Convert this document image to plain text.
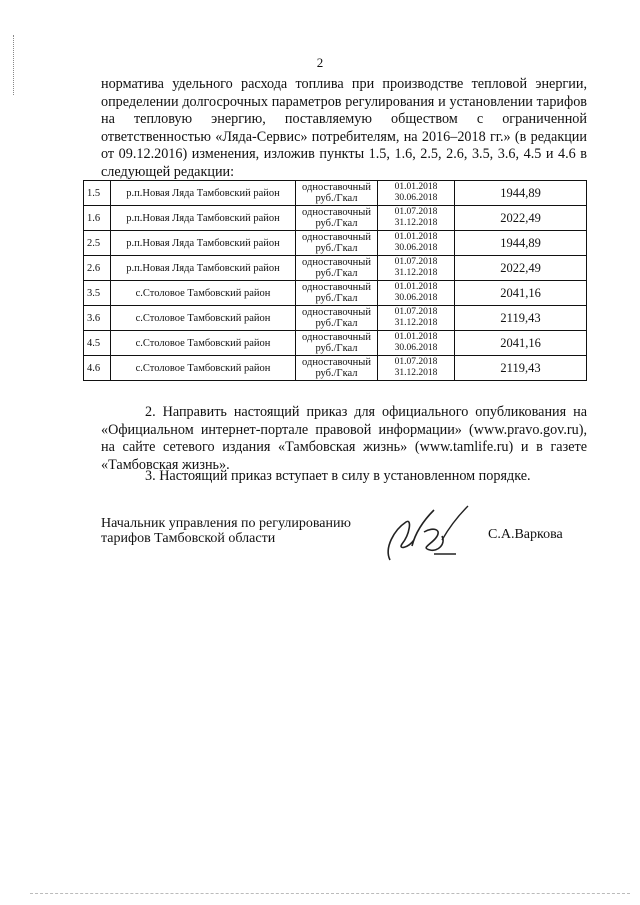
2

норматива удельного расхода топлива при производстве тепловой энергии, определении долгосрочных параметров регулирования и установлении тарифов на тепловую энергию, поставляемую обществом с ограниченной ответственностью «Ляда-Сервис» потребителям, на 2016–2018 гг.» (в редакции от 09.12.2016) изменения, изложив пункты 1.5, 1.6, 2.5, 2.6, 3.5, 3.6, 4.5 и 4.6 в следующей редакции:

1.5	р.п.Новая Ляда Тамбовский район	одноставочный руб./Гкал	01.01.2018
30.06.2018	1944,89
1.6	р.п.Новая Ляда Тамбовский район	одноставочный руб./Гкал	01.07.2018
31.12.2018	2022,49
2.5	р.п.Новая Ляда Тамбовский район	одноставочный руб./Гкал	01.01.2018
30.06.2018	1944,89
2.6	р.п.Новая Ляда Тамбовский район	одноставочный руб./Гкал	01.07.2018
31.12.2018	2022,49
3.5	с.Столовое Тамбовский район	одноставочный руб./Гкал	01.01.2018
30.06.2018	2041,16
3.6	с.Столовое Тамбовский район	одноставочный руб./Гкал	01.07.2018
31.12.2018	2119,43
4.5	с.Столовое Тамбовский район	одноставочный руб./Гкал	01.01.2018
30.06.2018	2041,16
4.6	с.Столовое Тамбовский район	одноставочный руб./Гкал	01.07.2018
31.12.2018	2119,43

2. Направить настоящий приказ для официального опубликования на «Официальном интернет-портале правовой информации» (www.pravo.gov.ru), на сайте сетевого издания «Тамбовская жизнь» (www.tamlife.ru) и в газете «Тамбовская жизнь».

3. Настоящий приказ вступает в силу в установленном порядке.

Начальник управления по регулированию
тарифов Тамбовской области	С.А.Варкова
